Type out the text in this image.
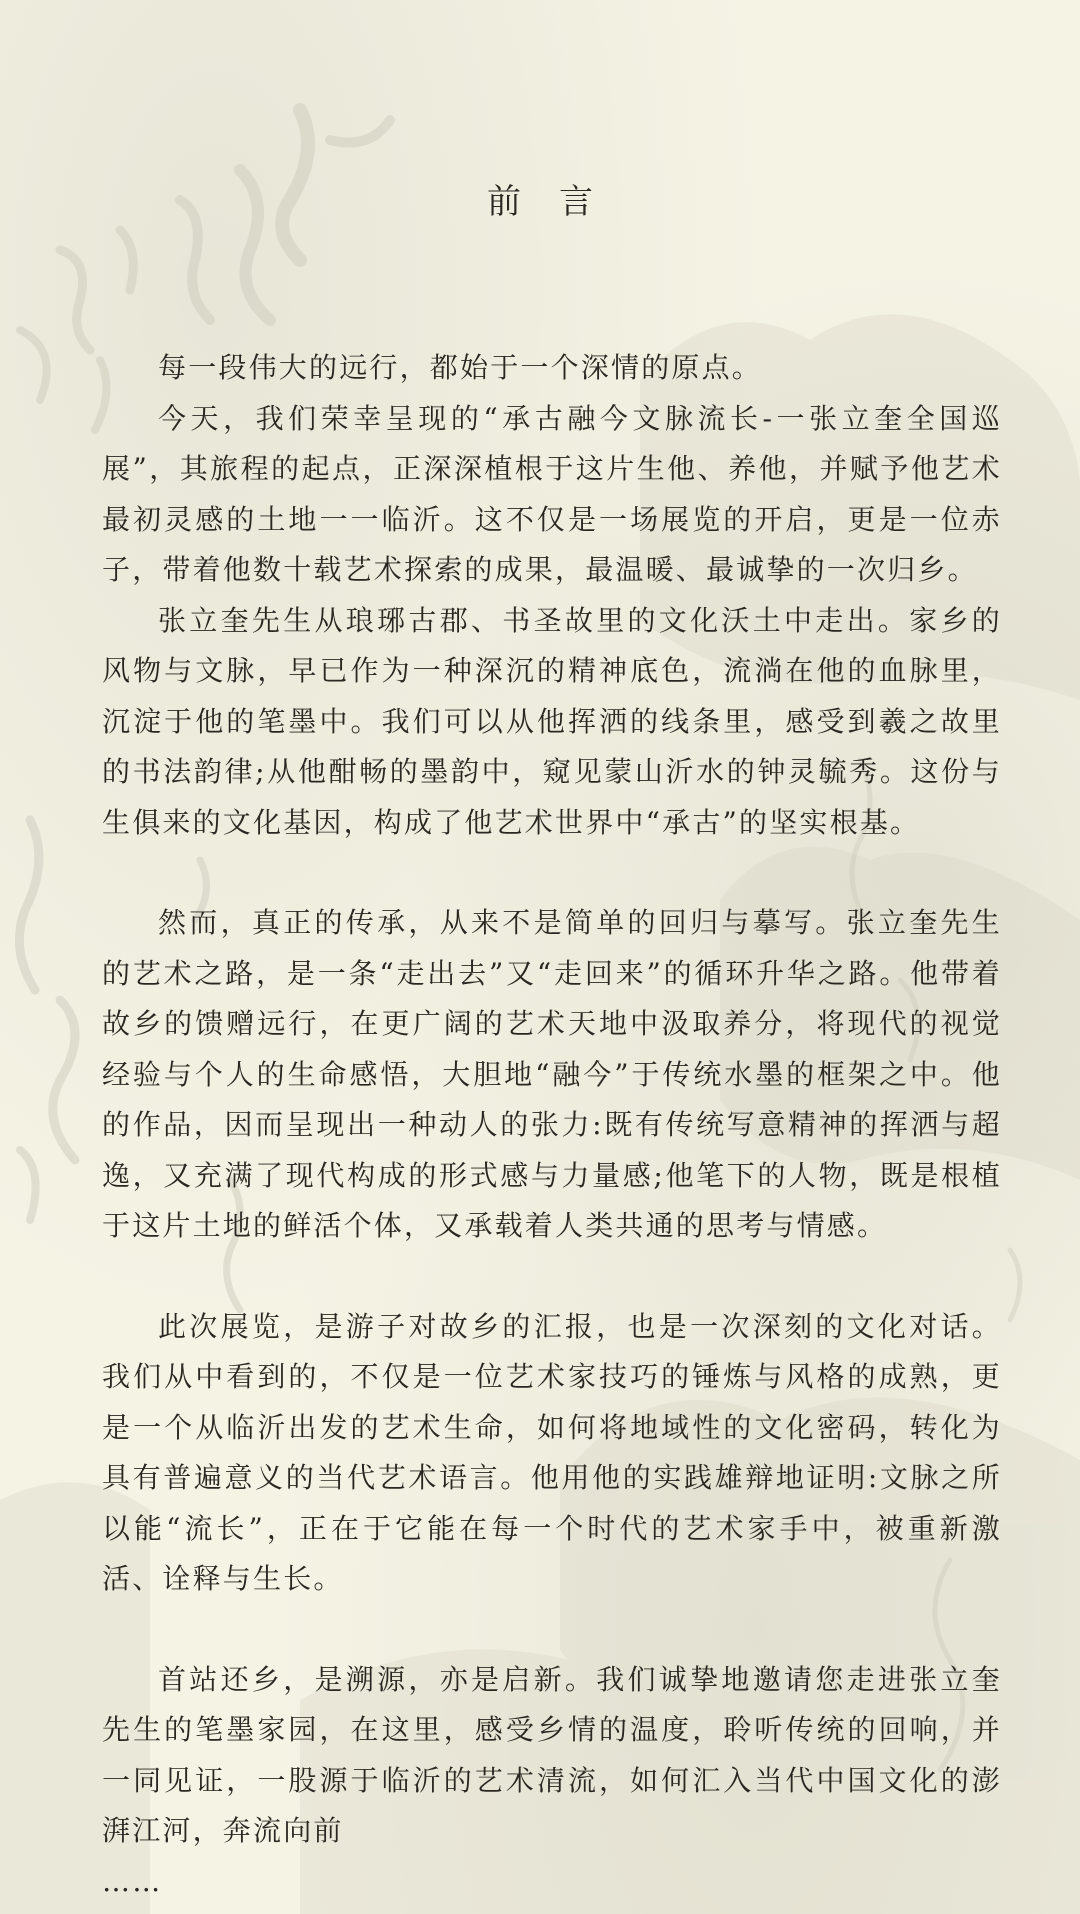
前言

每一段伟大的远行，都始于一个深情的原点。

今天，我们荣幸呈现的“承古融今文脉流长-一张立奎全国巡展”，其旅程的起点，正深深植根于这片生他、养他，并赋予他艺术最初灵感的土地一一临沂。这不仅是一场展览的开启，更是一位赤子，带着他数十载艺术探索的成果，最温暖、最诚挚的一次归乡。

张立奎先生从琅琊古郡、书圣故里的文化沃土中走出。家乡的风物与文脉，早已作为一种深沉的精神底色，流淌在他的血脉里，沉淀于他的笔墨中。我们可以从他挥洒的线条里，感受到羲之故里的书法韵律;从他酣畅的墨韵中，窥见蒙山沂水的钟灵毓秀。这份与生俱来的文化基因，构成了他艺术世界中“承古”的坚实根基。

然而，真正的传承，从来不是简单的回归与摹写。张立奎先生的艺术之路，是一条“走出去”又“走回来”的循环升华之路。他带着故乡的馈赠远行，在更广阔的艺术天地中汲取养分，将现代的视觉经验与个人的生命感悟，大胆地“融今”于传统水墨的框架之中。他的作品，因而呈现出一种动人的张力:既有传统写意精神的挥洒与超逸，又充满了现代构成的形式感与力量感;他笔下的人物，既是根植于这片土地的鲜活个体，又承载着人类共通的思考与情感。

此次展览，是游子对故乡的汇报，也是一次深刻的文化对话。我们从中看到的，不仅是一位艺术家技巧的锤炼与风格的成熟，更是一个从临沂出发的艺术生命，如何将地域性的文化密码，转化为具有普遍意义的当代艺术语言。他用他的实践雄辩地证明:文脉之所以能“流长”，正在于它能在每一个时代的艺术家手中，被重新激活、诠释与生长。

首站还乡，是溯源，亦是启新。我们诚挚地邀请您走进张立奎先生的笔墨家园，在这里，感受乡情的温度，聆听传统的回响，并一同见证，一股源于临沂的艺术清流，如何汇入当代中国文化的澎湃江河，奔流向前

……
